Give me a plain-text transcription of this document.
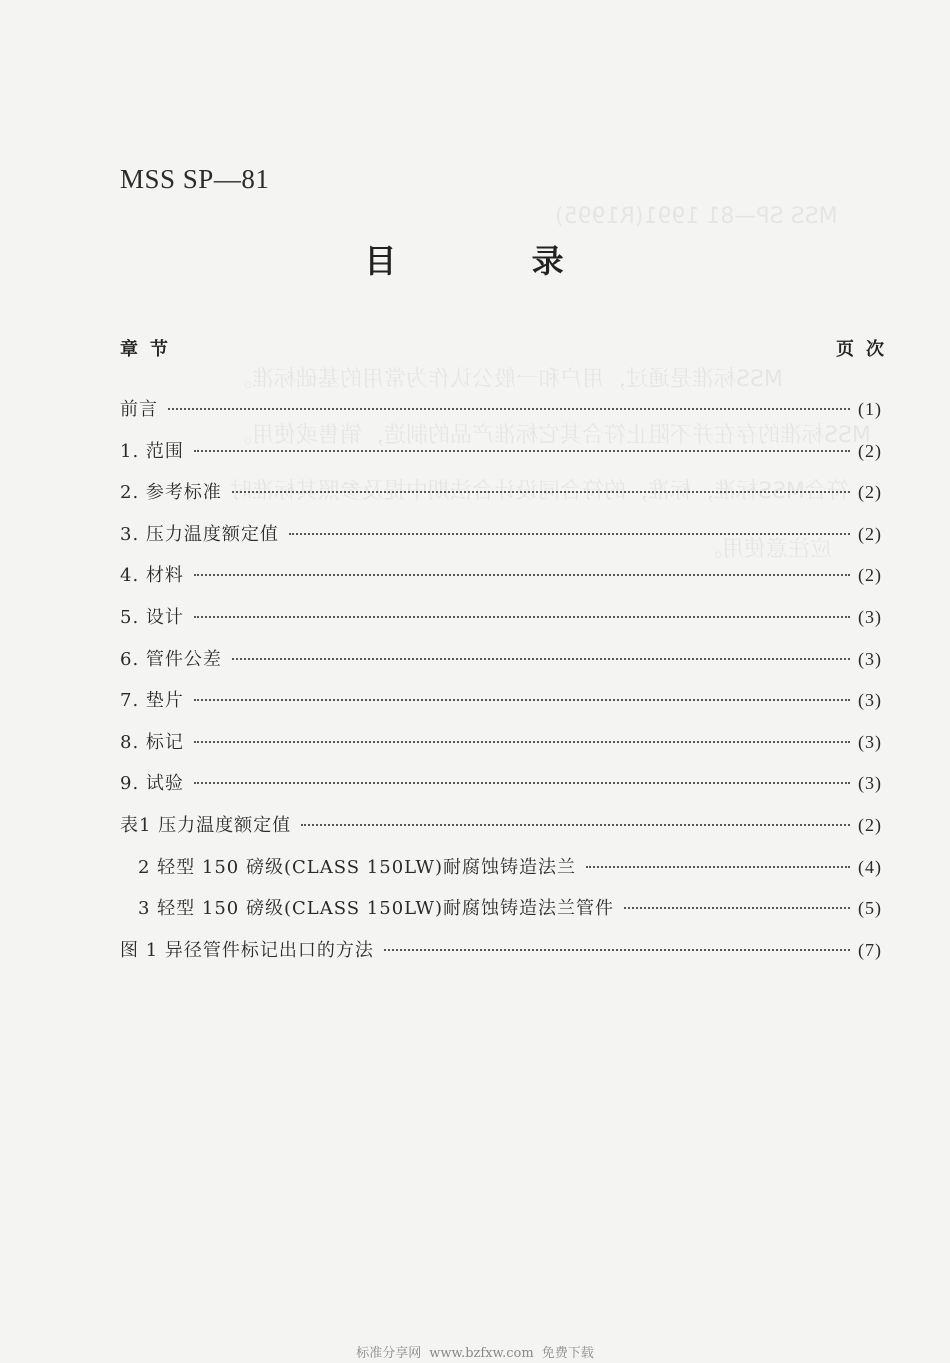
MSS SP—81 1991(R1995)
MSS标准是通过，用户和一般公认作为常用的基础标准。
MSS标准的存在并不阻止符合其它标准产品的制造，销售或使用。
符合MSS标准，标准，的符合同设计合法期中提及参照其标准时
应注意使用。
MSS SP—81
目 录
章节	页次
前言	(1)
1. 范围	(2)
2. 参考标准	(2)
3. 压力温度额定值	(2)
4. 材料	(2)
5. 设计	(3)
6. 管件公差	(3)
7. 垫片	(3)
8. 标记	(3)
9. 试验	(3)
表1 压力温度额定值	(2)
2 轻型 150 磅级(CLASS 150LW)耐腐蚀铸造法兰	(4)
3 轻型 150 磅级(CLASS 150LW)耐腐蚀铸造法兰管件	(5)
图 1 异径管件标记出口的方法	(7)
标准分享网 www.bzfxw.com 免费下载
